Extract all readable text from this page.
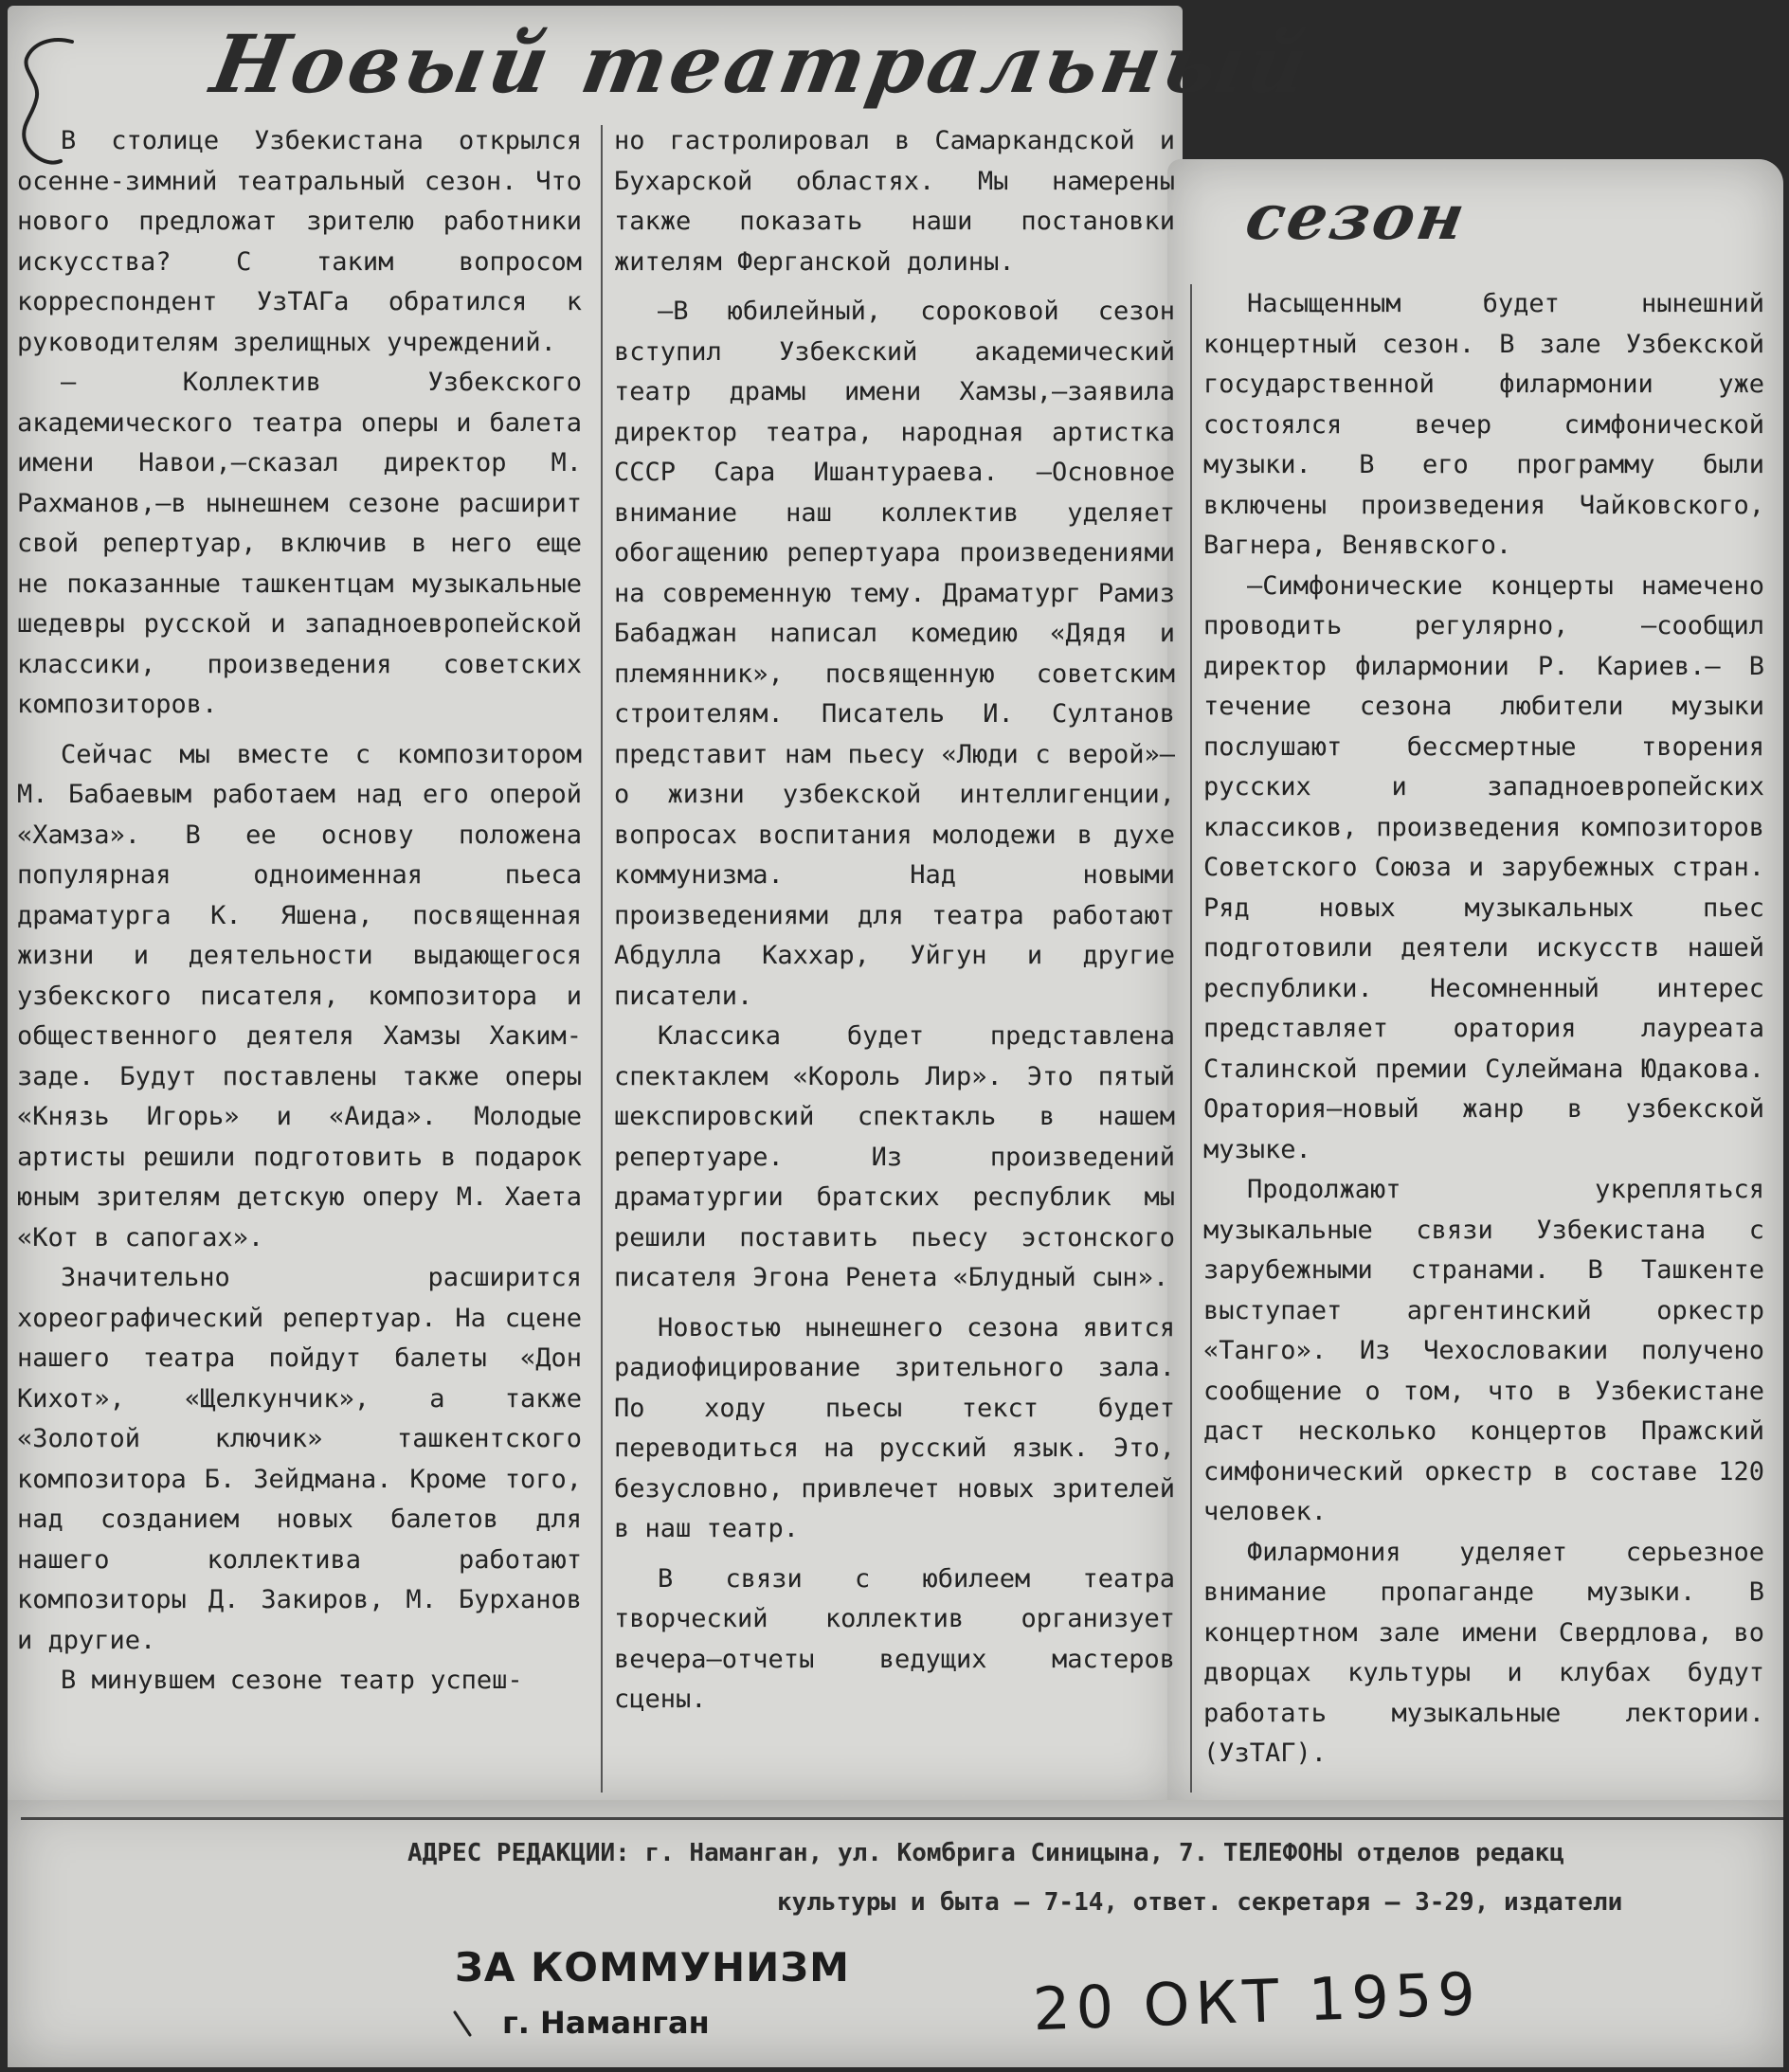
Новый театральный
сезон

В столице Узбекистана открылся осенне-зимний театральный сезон. Что нового предложат зрителю работники искусства? С таким вопросом корреспондент УзТАГа обратился к руководителям зрелищных учреждений.

— Коллектив Узбекского академического театра оперы и балета имени Навои,—сказал директор М. Рахманов,—в нынешнем сезоне расширит свой репертуар, включив в него еще не показанные ташкентцам музыкальные шедевры русской и западноевропейской классики, произведения советских композиторов.

Сейчас мы вместе с композитором М. Бабаевым работаем над его оперой «Хамза». В ее основу положена популярная одноименная пьеса драматурга К. Яшена, посвященная жизни и деятельности выдающегося узбекского писателя, композитора и общественного деятеля Хамзы Хаким-заде. Будут поставлены также оперы «Князь Игорь» и «Аида». Молодые артисты решили подготовить в подарок юным зрителям детскую оперу М. Хаета «Кот в сапогах».

Значительно расширится хореографический репертуар. На сцене нашего театра пойдут балеты «Дон Кихот», «Щелкунчик», а также «Золотой ключик» ташкентского композитора Б. Зейдмана. Кроме того, над созданием новых балетов для нашего коллектива работают композиторы Д. Закиров, М. Бурханов и другие.

В минувшем сезоне театр успеш-

но гастролировал в Самаркандской и Бухарской областях. Мы намерены также показать наши постановки жителям Ферганской долины.

—В юбилейный, сороковой сезон вступил Узбекский академический театр драмы имени Хамзы,—заявила директор театра, народная артистка СССР Сара Ишантураева. —Основное внимание наш коллектив уделяет обогащению репертуара произведениями на современную тему. Драматург Рамиз Бабаджан написал комедию «Дядя и племянник», посвященную советским строителям. Писатель И. Султанов представит нам пьесу «Люди с верой»—о жизни узбекской интеллигенции, вопросах воспитания молодежи в духе коммунизма. Над новыми произведениями для театра работают Абдулла Каххар, Уйгун и другие писатели.

Классика будет представлена спектаклем «Король Лир». Это пятый шекспировский спектакль в нашем репертуаре. Из произведений драматургии братских республик мы решили поставить пьесу эстонского писателя Эгона Ренета «Блудный сын».

Новостью нынешнего сезона явится радиофицирование зрительного зала. По ходу пьесы текст будет переводиться на русский язык. Это, безусловно, привлечет новых зрителей в наш театр.

В связи с юбилеем театра творческий коллектив организует вечера—отчеты ведущих мастеров сцены.

Насыщенным будет нынешний концертный сезон. В зале Узбекской государственной филармонии уже состоялся вечер симфонической музыки. В его программу были включены произведения Чайковского, Вагнера, Венявского.

—Симфонические концерты намечено проводить регулярно, —сообщил директор филармонии Р. Кариев.— В течение сезона любители музыки послушают бессмертные творения русских и западноевропейских классиков, произведения композиторов Советского Союза и зарубежных стран. Ряд новых музыкальных пьес подготовили деятели искусств нашей республики. Несомненный интерес представляет оратория лауреата Сталинской премии Сулеймана Юдакова. Оратория—новый жанр в узбекской музыке.

Продолжают укрепляться музыкальные связи Узбекистана с зарубежными странами. В Ташкенте выступает аргентинский оркестр «Танго». Из Чехословакии получено сообщение о том, что в Узбекистане даст несколько концертов Пражский симфонический оркестр в составе 120 человек.

Филармония уделяет серьезное внимание пропаганде музыки. В концертном зале имени Свердлова, во дворцах культуры и клубах будут работать музыкальные лектории. (УзТАГ).

АДРЕС РЕДАКЦИИ: г. Наманган, ул. Комбрига Синицына, 7. ТЕЛЕФОНЫ отделов редакц
культуры и быта — 7-14, ответ. секретаря — 3-29, издатели
ЗА КОММУНИЗМ
г. Наманган	20 ОКТ 1959
